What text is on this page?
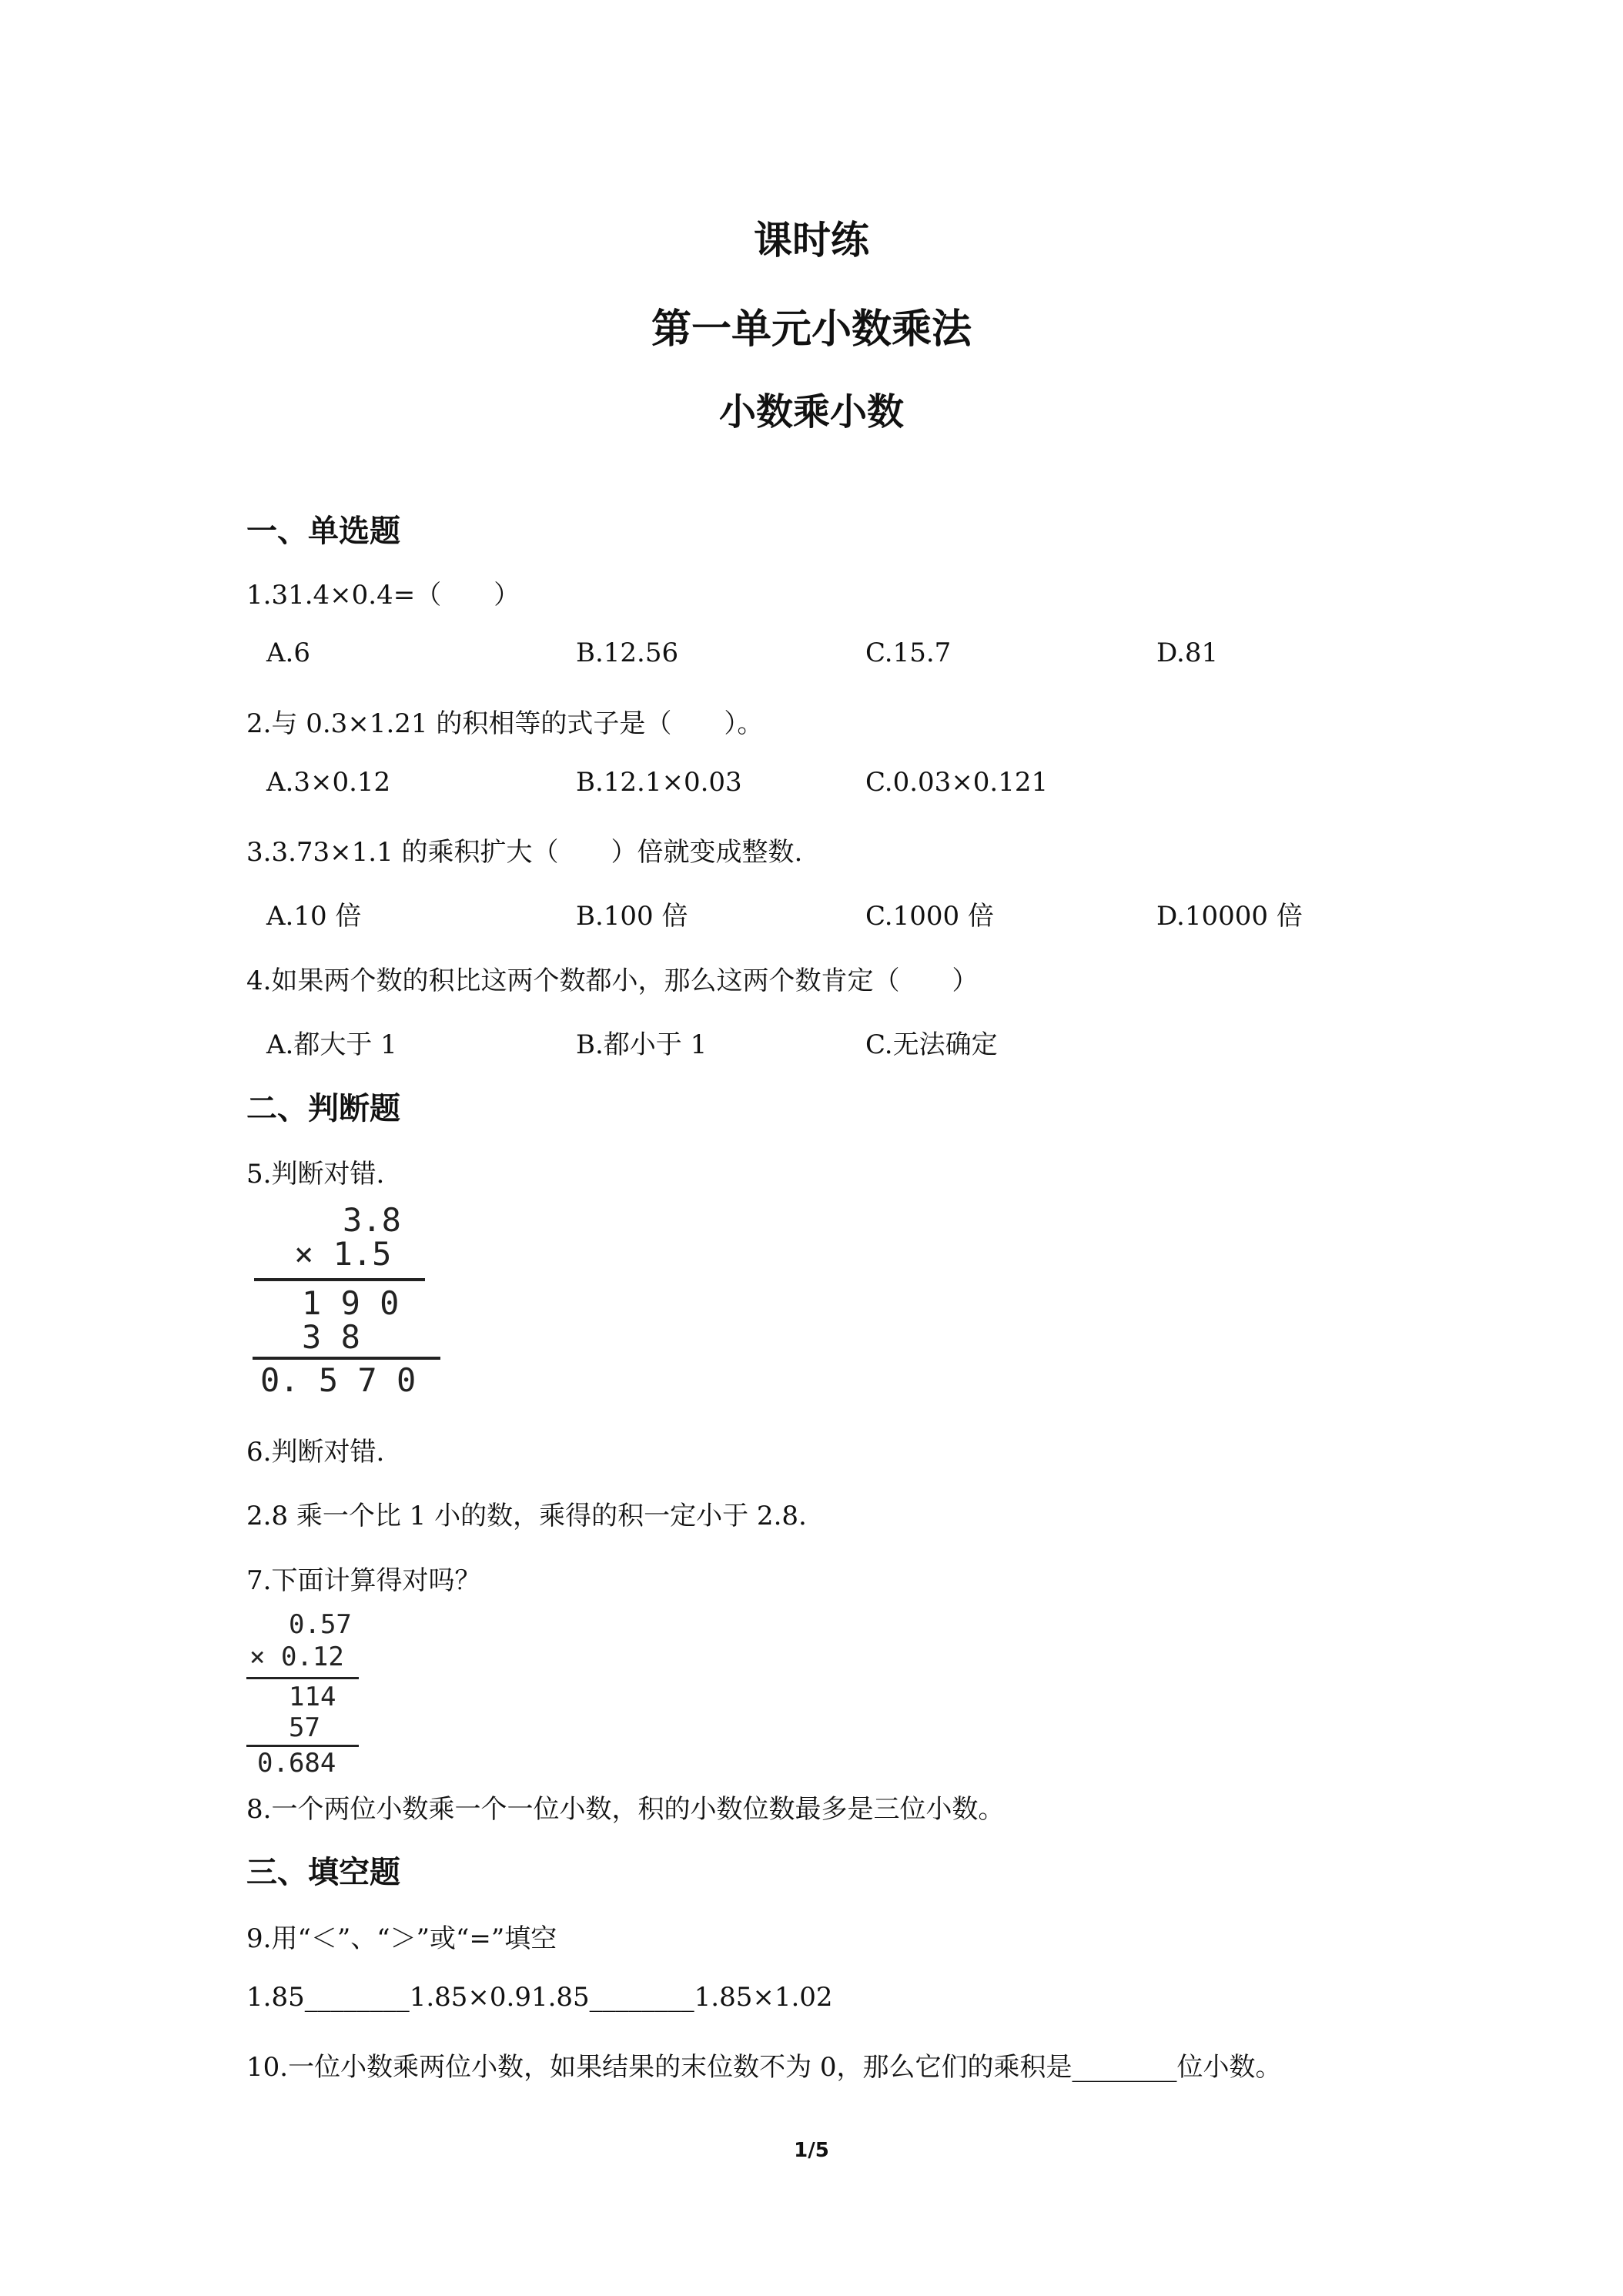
课时练
第一单元小数乘法
小数乘小数
一、单选题
1.31.4×0.4=（　　）
A.6	B.12.56	C.15.7	D.81
2.与 0.3×1.21 的积相等的式子是（　　）。
A.3×0.12	B.12.1×0.03	C.0.03×0.121
3.3.73×1.1 的乘积扩大（　　）倍就变成整数.
A.10 倍	B.100 倍	C.1000 倍	D.10000 倍
4.如果两个数的积比这两个数都小，那么这两个数肯定（　　）
A.都大于 1	B.都小于 1	C.无法确定
二、判断题
5.判断对错.
3.8
× 1.5
1 9 0
3 8
0. 5 7 0
6.判断对错.
2.8 乘一个比 1 小的数，乘得的积一定小于 2.8.
7.下面计算得对吗？
0.57
× 0.12
114
57
0.684
8.一个两位小数乘一个一位小数，积的小数位数最多是三位小数。
三、填空题
9.用“＜”、“＞”或“=”填空
1.85________1.85×0.91.85________1.85×1.02
10.一位小数乘两位小数，如果结果的末位数不为 0，那么它们的乘积是________位小数。
1/5
